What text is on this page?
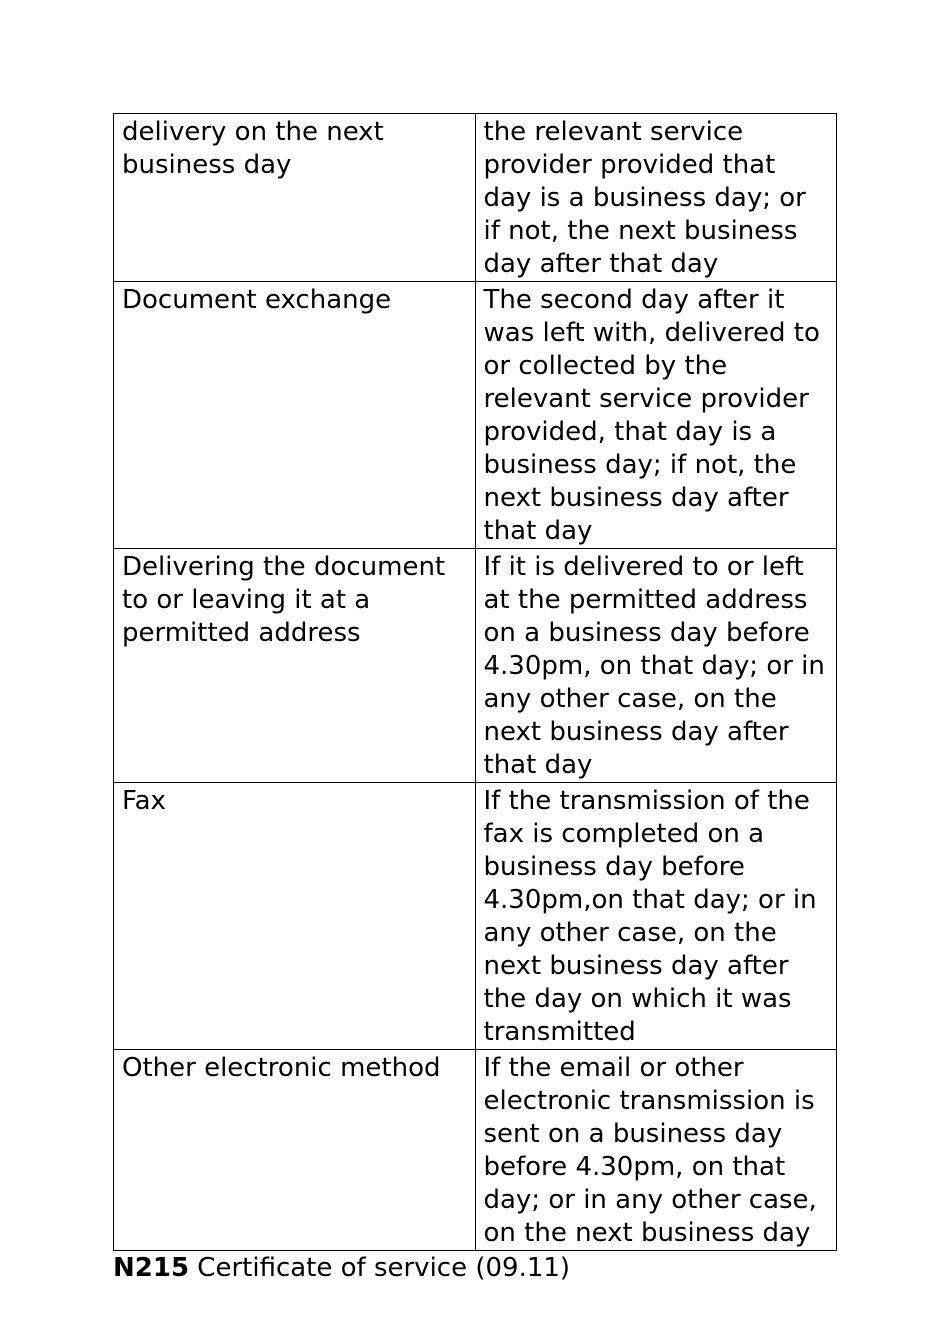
delivery on the next business day	the relevant service provider provided that day is a business day; or if not, the next business day after that day
Document exchange	The second day after it was left with, delivered to or collected by the relevant service provider provided, that day is a business day; if not, the next business day after that day
Delivering the document to or leaving it at a permitted address	If it is delivered to or left at the permitted address on a business day before 4.30pm, on that day; or in any other case, on the next business day after that day
Fax	If the transmission of the fax is completed on a business day before 4.30pm,on that day; or in any other case, on the next business day after the day on which it was transmitted
Other electronic method	If the email or other electronic transmission is sent on a business day before 4.30pm, on that day; or in any other case, on the next business day
N215 Certificate of service (09.11)
